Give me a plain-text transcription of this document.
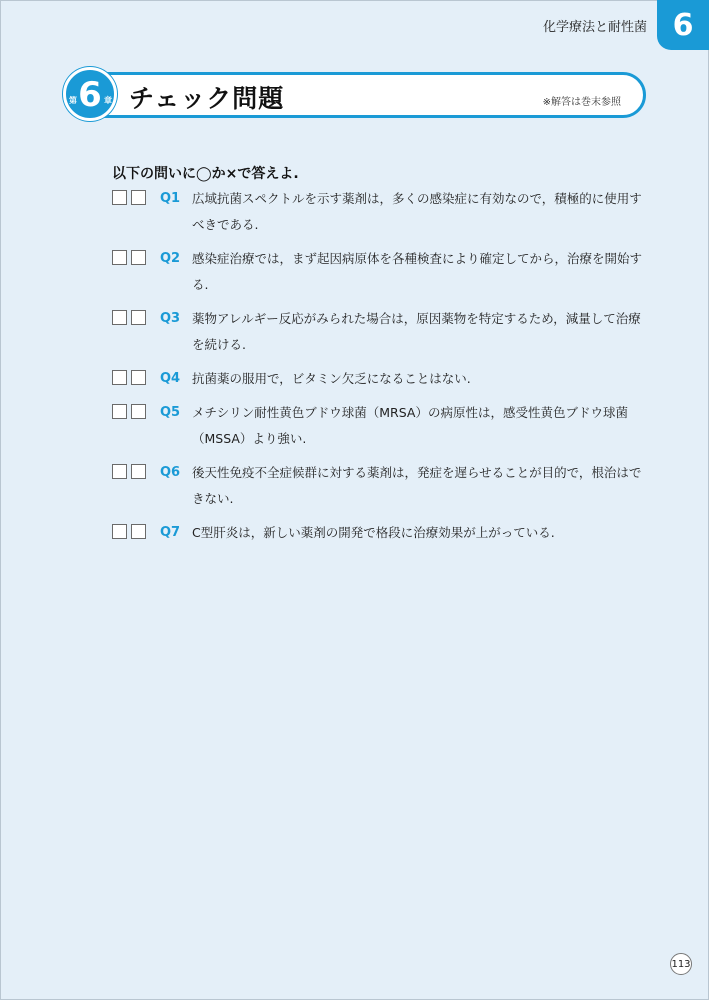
化学療法と耐性菌 6
チェック問題	※解答は巻末参照
第 6 章
以下の問いに◯か×で答えよ.
Q1 広域抗菌スペクトルを示す薬剤は，多くの感染症に有効なので，積極的に使用すべきである.
Q2 感染症治療では，まず起因病原体を各種検査により確定してから，治療を開始する.
Q3 薬物アレルギー反応がみられた場合は，原因薬物を特定するため，減量して治療を続ける.
Q4 抗菌薬の服用で，ビタミン欠乏になることはない.
Q5 メチシリン耐性黄色ブドウ球菌（MRSA）の病原性は，感受性黄色ブドウ球菌（MSSA）より強い.
Q6 後天性免疫不全症候群に対する薬剤は，発症を遅らせることが目的で，根治はできない.
Q7 C型肝炎は，新しい薬剤の開発で格段に治療効果が上がっている.
113
